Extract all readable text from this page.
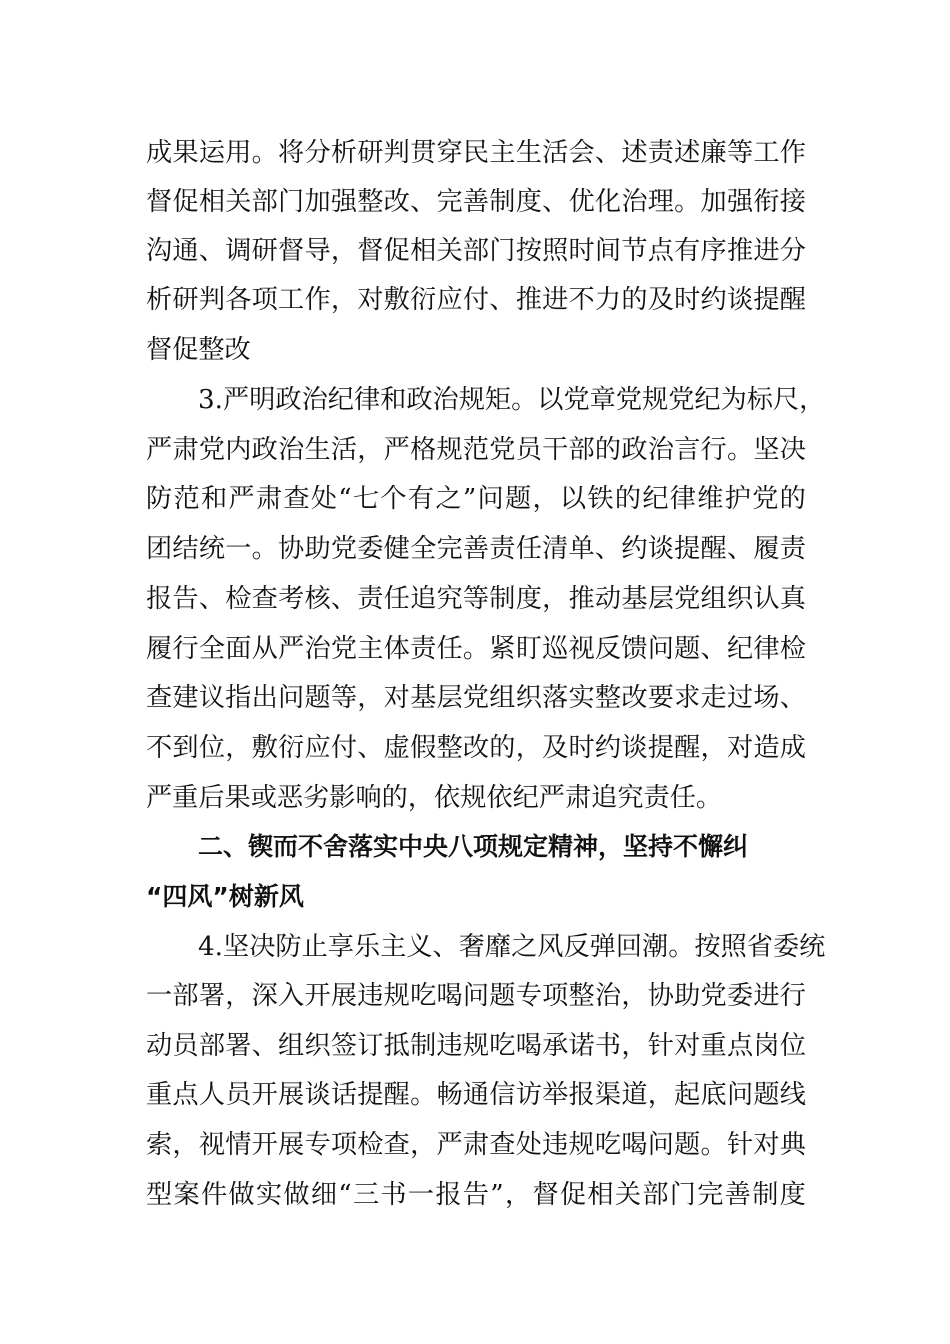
成 果 运 用 。 将 分 析 研 判 贯 穿 民 主 生 活 会 、 述 责 述 廉 等 工 作
督 促 相 关 部 门 加 强 整 改 、 完 善 制 度 、 优 化 治 理 。 加 强 衔 接
沟 通 、 调 研 督 导 ， 督 促 相 关 部 门 按 照 时 间 节 点 有 序 推 进 分
析 研 判 各 项 工 作 ， 对 敷 衍 应 付 、 推 进 不 力 的 及 时 约 谈 提 醒
督促整改
3. 严 明 政 治 纪 律 和 政 治 规 矩 。 以 党 章 党 规 党 纪 为 标 尺 ，
严 肃 党 内 政 治 生 活 ， 严 格 规 范 党 员 干 部 的 政 治 言 行 。 坚 决
防 范 和 严 肃 查 处 “ 七 个 有 之 ” 问 题 ， 以 铁 的 纪 律 维 护 党 的
团 结 统 一 。 协 助 党 委 健 全 完 善 责 任 清 单 、 约 谈 提 醒 、 履 责
报 告 、 检 查 考 核 、 责 任 追 究 等 制 度 ， 推 动 基 层 党 组 织 认 真
履 行 全 面 从 严 治 党 主 体 责 任 。 紧 盯 巡 视 反 馈 问 题 、 纪 律 检
查 建 议 指 出 问 题 等 ， 对 基 层 党 组 织 落 实 整 改 要 求 走 过 场 、
不 到 位 ， 敷 衍 应 付 、 虚 假 整 改 的 ， 及 时 约 谈 提 醒 ， 对 造 成
严重后果或恶劣影响的，依规依纪严肃追究责任。
二、锲而不舍落实中央八项规定精神，坚持不懈纠
“四风”树新风
4. 坚 决 防 止 享 乐 主 义 、 奢 靡 之 风 反 弹 回 潮 。 按 照 省 委 统
一 部 署 ， 深 入 开 展 违 规 吃 喝 问 题 专 项 整 治 ， 协 助 党 委 进 行
动 员 部 署 、 组 织 签 订 抵 制 违 规 吃 喝 承 诺 书 ， 针 对 重 点 岗 位
重 点 人 员 开 展 谈 话 提 醒 。 畅 通 信 访 举 报 渠 道 ， 起 底 问 题 线
索 ， 视 情 开 展 专 项 检 查 ， 严 肃 查 处 违 规 吃 喝 问 题 。 针 对 典
型 案 件 做 实 做 细 “ 三 书 一 报 告 ” ， 督 促 相 关 部 门 完 善 制 度
